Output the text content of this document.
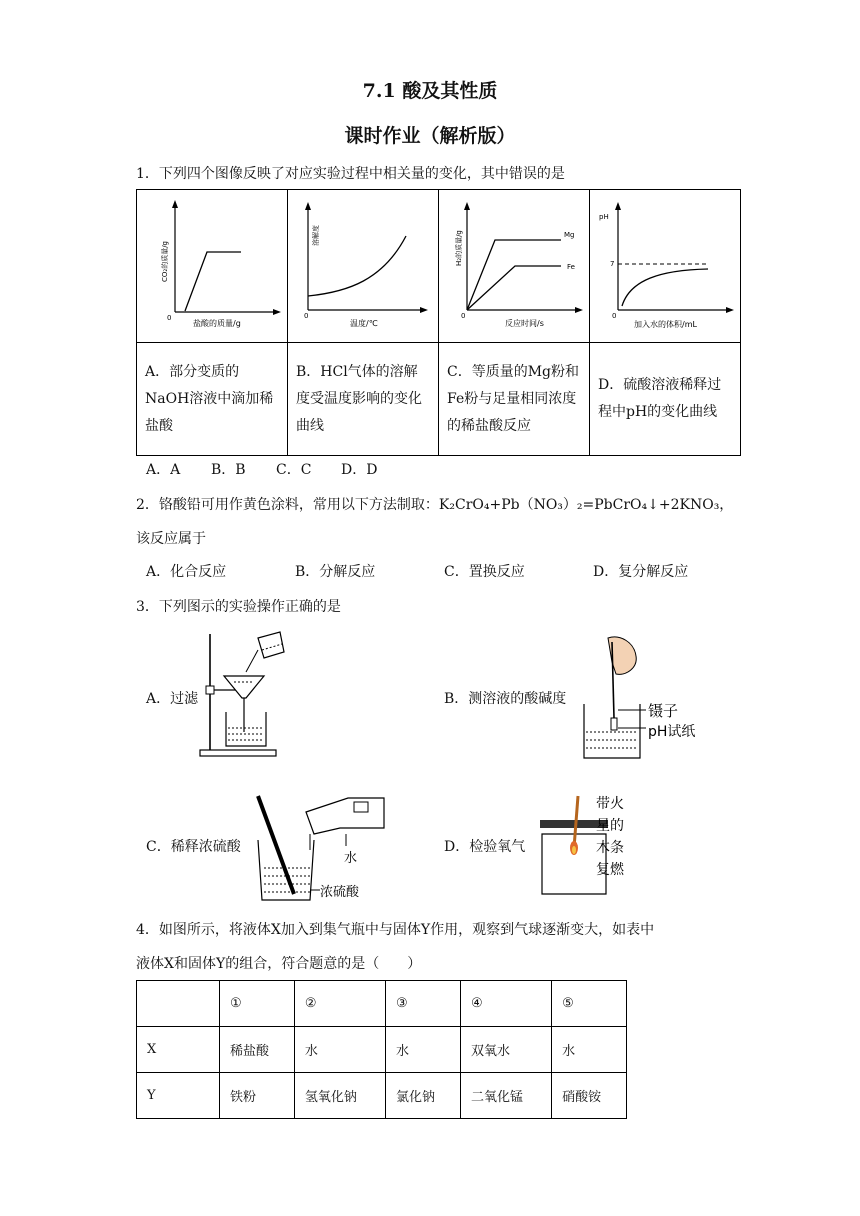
7.1 酸及其性质
课时作业（解析版）
1．下列四个图像反映了对应实验过程中相关量的变化，其中错误的是
0
盐酸的质量/g
CO₂的质量/g	0
温度/℃
溶解度	Mg
Fe
0
反应时间/s
H₂的质量/g	pH
7
0
加入水的体积/mL

A．部分变质的NaOH溶液中滴加稀盐酸	B．HCl气体的溶解度受温度影响的变化曲线	C．等质量的Mg粉和Fe粉与足量相同浓度的稀盐酸反应	D．硫酸溶液稀释过程中pH的变化曲线
A．A B．B C．C D．D
2．铬酸铅可用作黄色涂料，常用以下方法制取：K₂CrO₄+Pb（NO₃）₂=PbCrO₄↓+2KNO₃，
该反应属于
A．化合反应	B．分解反应	C．置换反应	D．复分解反应
3．下列图示的实验操作正确的是
A．过滤	B．测溶液的酸碱度
镊子
pH试纸
C．稀释浓硫酸
水
浓硫酸
D．检验氧气
带火
星的
木条
复燃
4．如图所示，将液体X加入到集气瓶中与固体Y作用，观察到气球逐渐变大，如表中
液体X和固体Y的组合，符合题意的是（　　）
	①	②	③	④	⑤
X	稀盐酸	水	水	双氧水	水
Y	铁粉	氢氧化钠	氯化钠	二氧化锰	硝酸铵
